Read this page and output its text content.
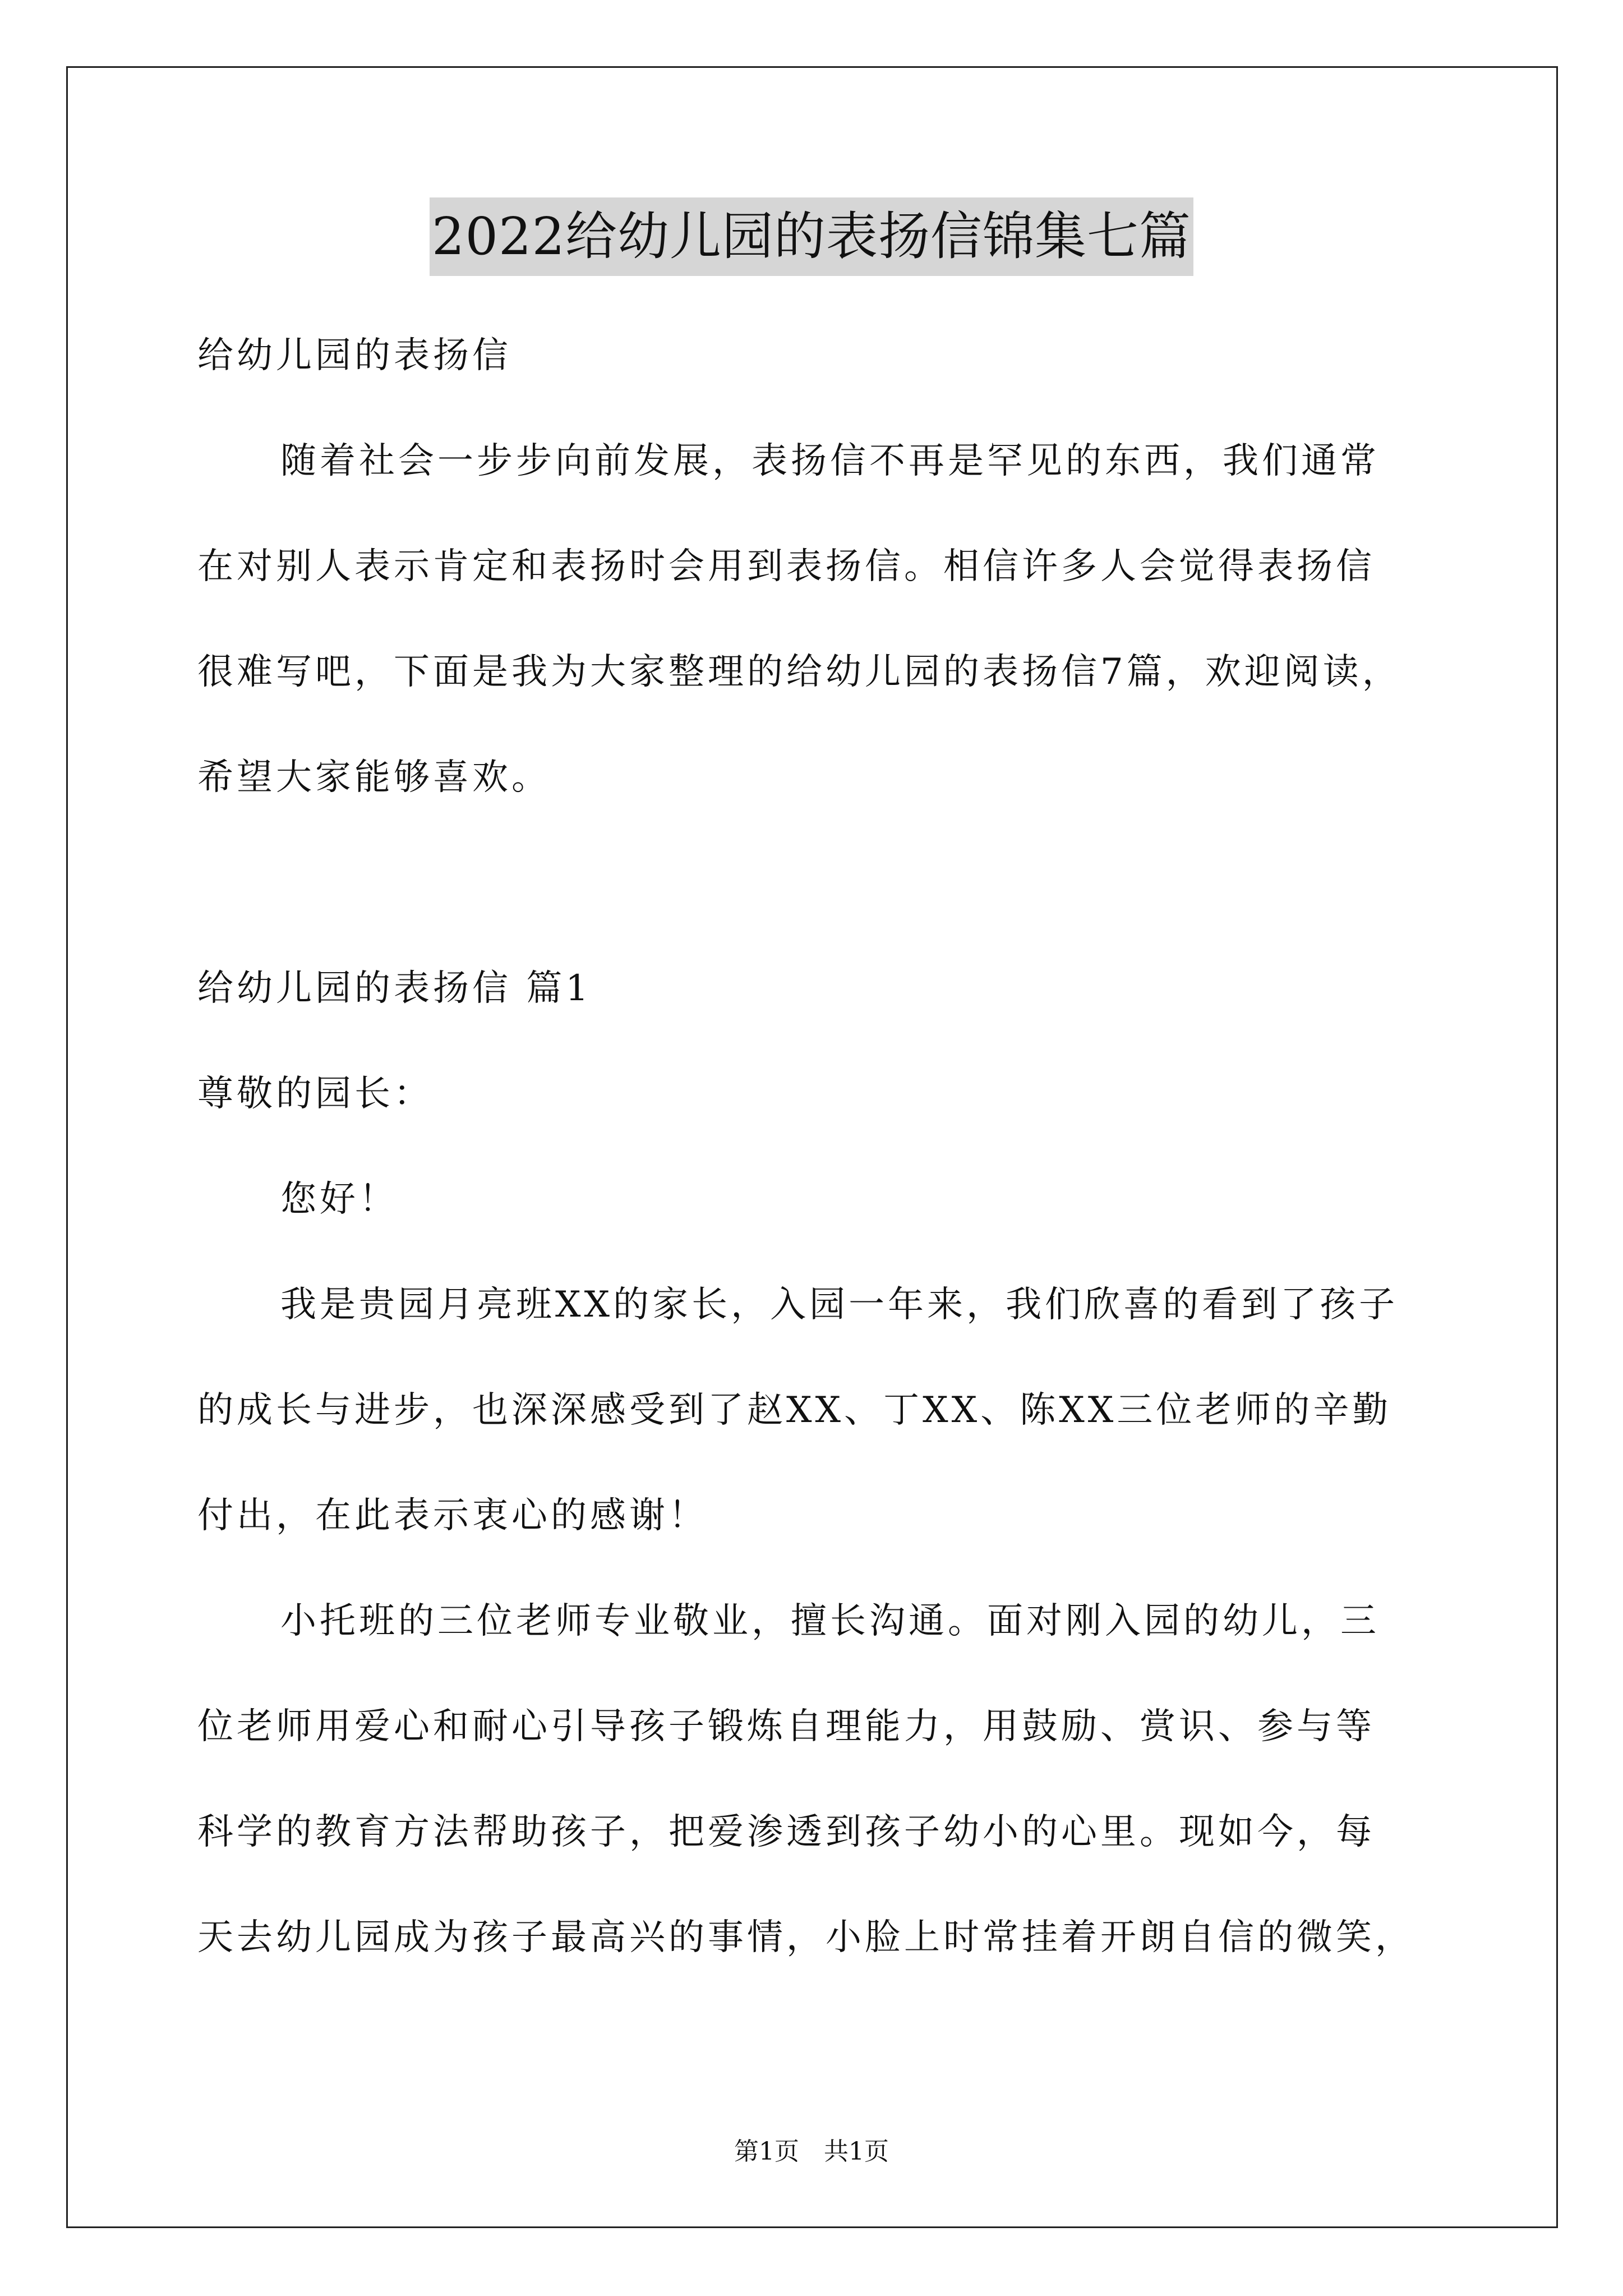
2022给幼儿园的表扬信锦集七篇
给幼儿园的表扬信
随着社会一步步向前发展，表扬信不再是罕见的东西，我们通常
在对别人表示肯定和表扬时会用到表扬信。相信许多人会觉得表扬信
很难写吧，下面是我为大家整理的给幼儿园的表扬信7篇，欢迎阅读，
希望大家能够喜欢。
给幼儿园的表扬信 篇1
尊敬的园长：
您好！
我是贵园月亮班XX的家长，入园一年来，我们欣喜的看到了孩子
的成长与进步，也深深感受到了赵XX、丁XX、陈XX三位老师的辛勤
付出，在此表示衷心的感谢！
小托班的三位老师专业敬业，擅长沟通。面对刚入园的幼儿，三
位老师用爱心和耐心引导孩子锻炼自理能力，用鼓励、赏识、参与等
科学的教育方法帮助孩子，把爱渗透到孩子幼小的心里。现如今，每
天去幼儿园成为孩子最高兴的事情，小脸上时常挂着开朗自信的微笑，
第1页　共1页
